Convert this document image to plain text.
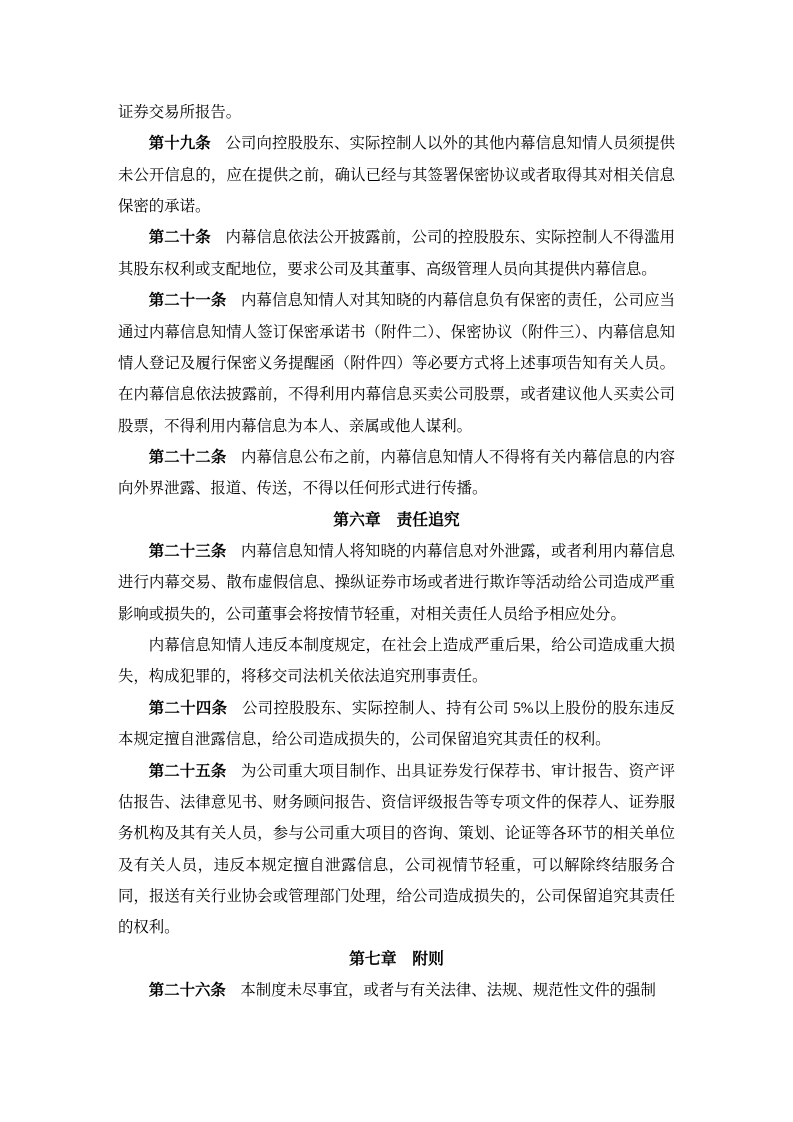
证券交易所报告。

第十九条 公司向控股股东、实际控制人以外的其他内幕信息知情人员须提供未公开信息的，应在提供之前，确认已经与其签署保密协议或者取得其对相关信息保密的承诺。

第二十条 内幕信息依法公开披露前，公司的控股股东、实际控制人不得滥用其股东权利或支配地位，要求公司及其董事、高级管理人员向其提供内幕信息。

第二十一条 内幕信息知情人对其知晓的内幕信息负有保密的责任，公司应当通过内幕信息知情人签订保密承诺书（附件二）、保密协议（附件三）、内幕信息知情人登记及履行保密义务提醒函（附件四）等必要方式将上述事项告知有关人员。在内幕信息依法披露前，不得利用内幕信息买卖公司股票，或者建议他人买卖公司股票，不得利用内幕信息为本人、亲属或他人谋利。

第二十二条 内幕信息公布之前，内幕信息知情人不得将有关内幕信息的内容向外界泄露、报道、传送，不得以任何形式进行传播。

第六章　责任追究

第二十三条 内幕信息知情人将知晓的内幕信息对外泄露，或者利用内幕信息进行内幕交易、散布虚假信息、操纵证券市场或者进行欺诈等活动给公司造成严重影响或损失的，公司董事会将按情节轻重，对相关责任人员给予相应处分。

内幕信息知情人违反本制度规定，在社会上造成严重后果，给公司造成重大损失，构成犯罪的，将移交司法机关依法追究刑事责任。

第二十四条 公司控股股东、实际控制人、持有公司 5%以上股份的股东违反本规定擅自泄露信息，给公司造成损失的，公司保留追究其责任的权利。

第二十五条 为公司重大项目制作、出具证券发行保荐书、审计报告、资产评估报告、法律意见书、财务顾问报告、资信评级报告等专项文件的保荐人、证券服务机构及其有关人员，参与公司重大项目的咨询、策划、论证等各环节的相关单位及有关人员，违反本规定擅自泄露信息，公司视情节轻重，可以解除终结服务合同，报送有关行业协会或管理部门处理，给公司造成损失的，公司保留追究其责任的权利。

第七章　附则

第二十六条 本制度未尽事宜，或者与有关法律、法规、规范性文件的强制
